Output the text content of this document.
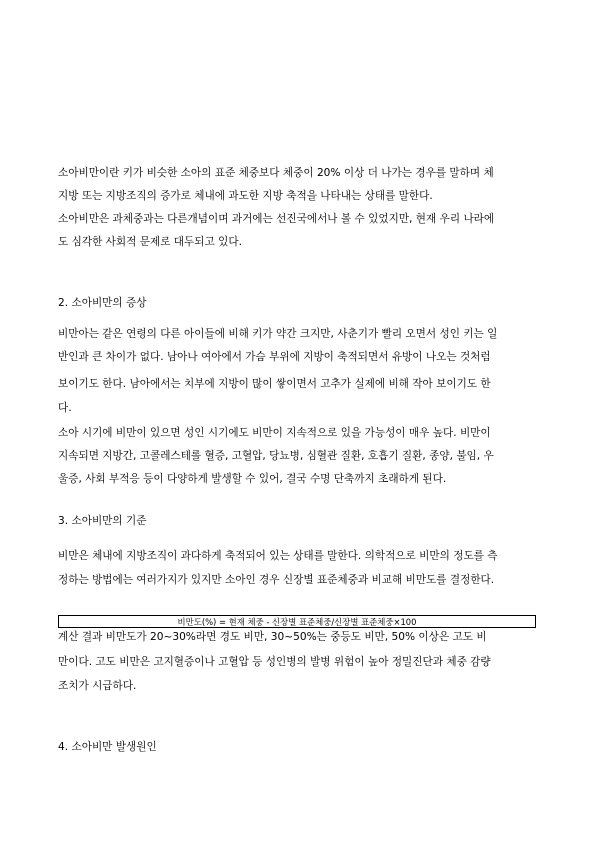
소아비만이란 키가 비슷한 소아의 표준 체중보다 체중이 20% 이상 더 나가는 경우를 말하며 체
지방 또는 지방조직의 증가로 체내에 과도한 지방 축적을 나타내는 상태를 말한다.
소아비만은 과체중과는 다른개념이며 과거에는 선진국에서나 볼 수 있었지만, 현재 우리 나라에
도 심각한 사회적 문제로 대두되고 있다.
2. 소아비만의 증상
비만아는 같은 연령의 다른 아이들에 비해 키가 약간 크지만, 사춘기가 빨리 오면서 성인 키는 일
반인과 큰 차이가 없다. 남아나 여아에서 가슴 부위에 지방이 축적되면서 유방이 나오는 것처럼
보이기도 한다. 남아에서는 치부에 지방이 많이 쌓이면서 고추가 실제에 비해 작아 보이기도 한
다.
소아 시기에 비만이 있으면 성인 시기에도 비만이 지속적으로 있을 가능성이 매우 높다. 비만이
지속되면 지방간, 고콜레스테롤 혈증, 고혈압, 당뇨병, 심혈관 질환, 호흡기 질환, 종양, 불임, 우
울증, 사회 부적응 등이 다양하게 발생할 수 있어, 결국 수명 단축까지 초래하게 된다.
3. 소아비만의 기준
비만은 체내에 지방조직이 과다하게 축적되어 있는 상태를 말한다. 의학적으로 비만의 정도를 측
정하는 방법에는 여러가지가 있지만 소아인 경우 신장별 표준체중과 비교해 비만도를 결정한다.
비만도(%) = 현재 체중 - 신장별 표준체중/신장별 표준체중×100
계산 결과 비만도가 20~30%라면 경도 비만, 30~50%는 중등도 비만, 50% 이상은 고도 비
만이다. 고도 비만은 고지혈증이나 고혈압 등 성인병의 발병 위험이 높아 정밀진단과 체중 감량
조치가 시급하다.
4. 소아비만 발생원인
